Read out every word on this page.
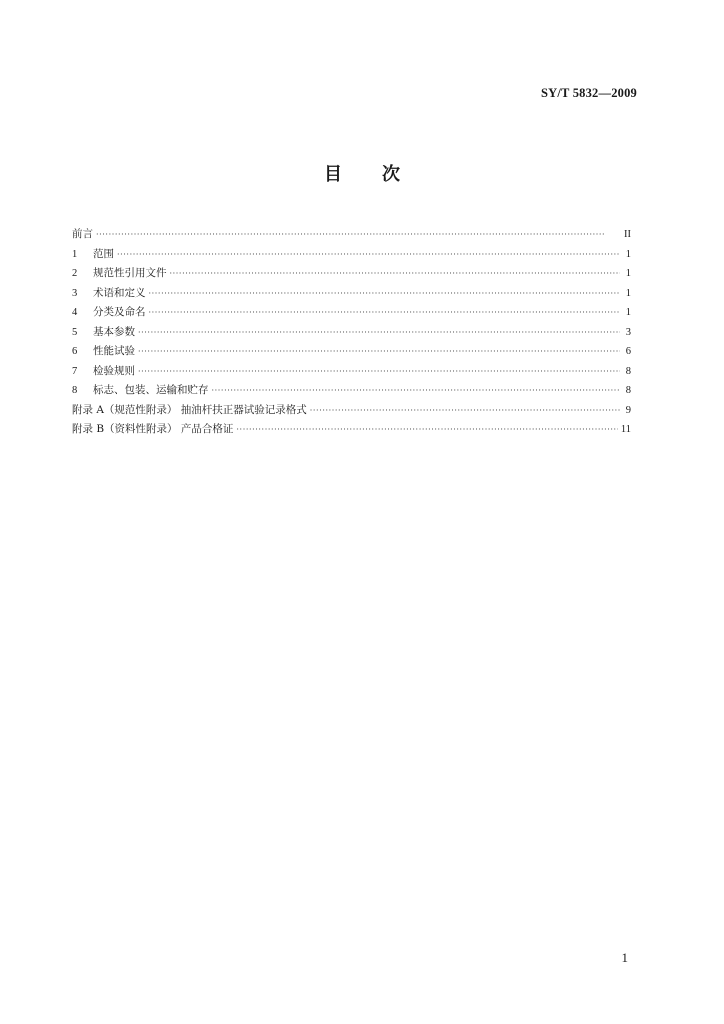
SY/T 5832—2009
目次
前言 ·····	II
1	范围 ·····	1
2	规范性引用文件 ·····	1
3	术语和定义 ·····	1
4	分类及命名 ·····	1
5	基本参数 ·····	3
6	性能试验 ·····	6
7	检验规则 ·····	8
8	标志、包装、运输和贮存 ·····	8
附录 A（规范性附录） 抽油杆扶正器试验记录格式 ·····	9
附录 B（资料性附录） 产品合格证 ·····	11
1
